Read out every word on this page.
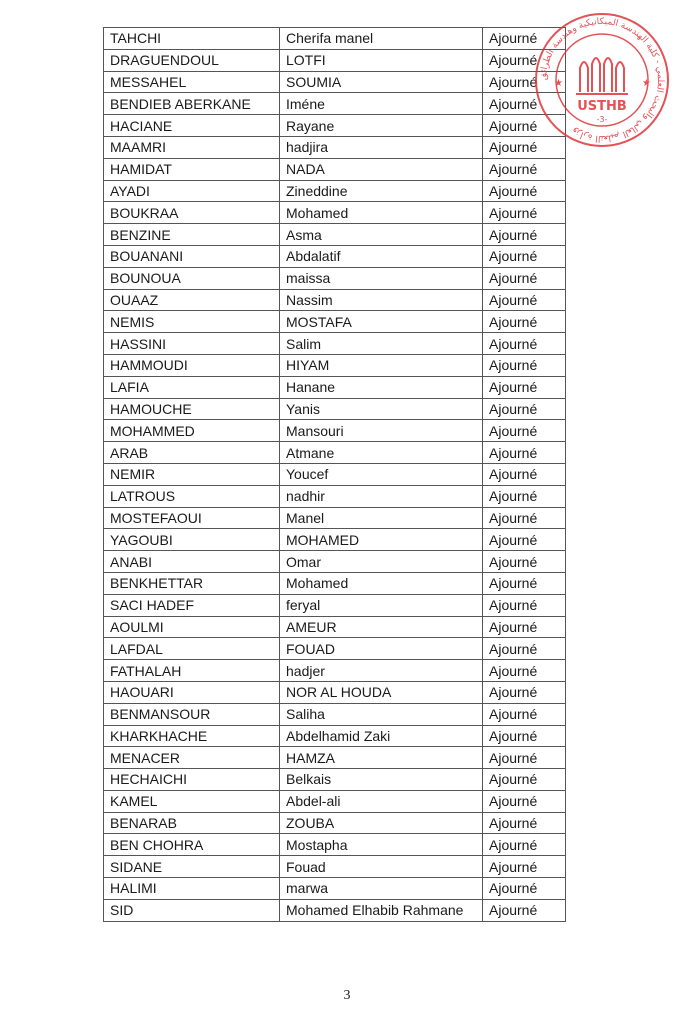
TAHCHI	Cherifa manel	Ajourné
DRAGUENDOUL	LOTFI	Ajourné
MESSAHEL	SOUMIA	Ajourné
BENDIEB ABERKANE	Iméne	Ajourné
HACIANE	Rayane	Ajourné
MAAMRI	hadjira	Ajourné
HAMIDAT	NADA	Ajourné
AYADI	Zineddine	Ajourné
BOUKRAA	Mohamed	Ajourné
BENZINE	Asma	Ajourné
BOUANANI	Abdalatif	Ajourné
BOUNOUA	maissa	Ajourné
OUAAZ	Nassim	Ajourné
NEMIS	MOSTAFA	Ajourné
HASSINI	Salim	Ajourné
HAMMOUDI	HIYAM	Ajourné
LAFIA	Hanane	Ajourné
HAMOUCHE	Yanis	Ajourné
MOHAMMED	Mansouri	Ajourné
ARAB	Atmane	Ajourné
NEMIR	Youcef	Ajourné
LATROUS	nadhir	Ajourné
MOSTEFAOUI	Manel	Ajourné
YAGOUBI	MOHAMED	Ajourné
ANABI	Omar	Ajourné
BENKHETTAR	Mohamed	Ajourné
SACI HADEF	feryal	Ajourné
AOULMI	AMEUR	Ajourné
LAFDAL	FOUAD	Ajourné
FATHALAH	hadjer	Ajourné
HAOUARI	NOR AL HOUDA	Ajourné
BENMANSOUR	Saliha	Ajourné
KHARKHACHE	Abdelhamid Zaki	Ajourné
MENACER	HAMZA	Ajourné
HECHAICHI	Belkais	Ajourné
KAMEL	Abdel-ali	Ajourné
BENARAB	ZOUBA	Ajourné
BEN CHOHRA	Mostapha	Ajourné
SIDANE	Fouad	Ajourné
HALIMI	marwa	Ajourné
SID	Mohamed Elhabib Rahmane	Ajourné
وزارة التعليم العالي والبحث العلمي - كلية الهندسة الميكانيكية وهندسة الطرائق
USTHB
-3-
★	★
3
